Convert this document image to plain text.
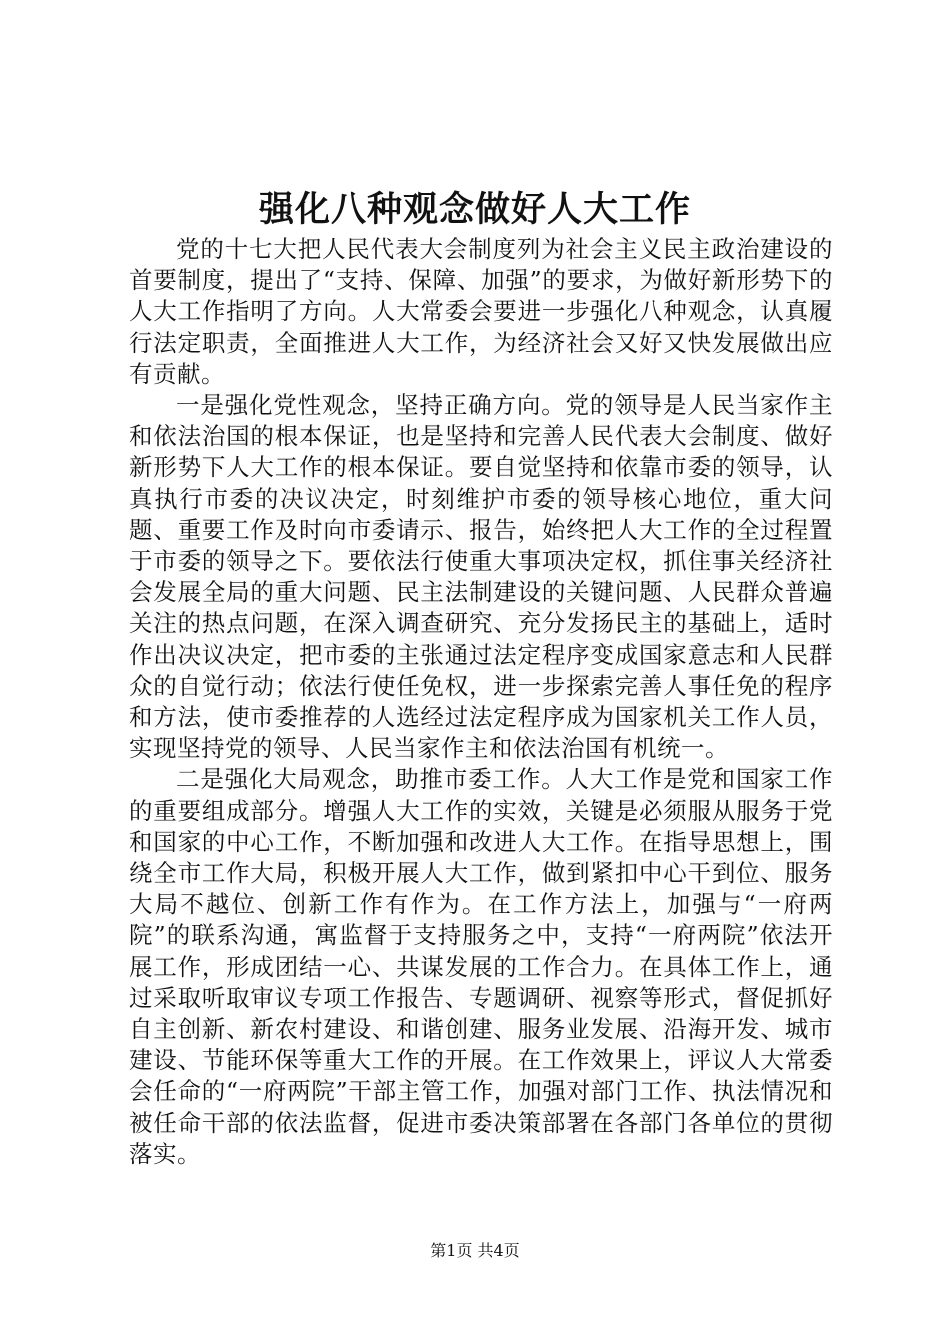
强化八种观念做好人大工作

党的十七大把人民代表大会制度列为社会主义民主政治建设的首要制度，提出了“支持、保障、加强”的要求，为做好新形势下的人大工作指明了方向。人大常委会要进一步强化八种观念，认真履行法定职责，全面推进人大工作，为经济社会又好又快发展做出应有贡献。

一是强化党性观念，坚持正确方向。党的领导是人民当家作主和依法治国的根本保证，也是坚持和完善人民代表大会制度、做好新形势下人大工作的根本保证。要自觉坚持和依靠市委的领导，认真执行市委的决议决定，时刻维护市委的领导核心地位，重大问题、重要工作及时向市委请示、报告，始终把人大工作的全过程置于市委的领导之下。要依法行使重大事项决定权，抓住事关经济社会发展全局的重大问题、民主法制建设的关键问题、人民群众普遍关注的热点问题，在深入调查研究、充分发扬民主的基础上，适时作出决议决定，把市委的主张通过法定程序变成国家意志和人民群众的自觉行动；依法行使任免权，进一步探索完善人事任免的程序和方法，使市委推荐的人选经过法定程序成为国家机关工作人员，实现坚持党的领导、人民当家作主和依法治国有机统一。

二是强化大局观念，助推市委工作。人大工作是党和国家工作的重要组成部分。增强人大工作的实效，关键是必须服从服务于党和国家的中心工作，不断加强和改进人大工作。在指导思想上，围绕全市工作大局，积极开展人大工作，做到紧扣中心干到位、服务大局不越位、创新工作有作为。在工作方法上，加强与“一府两院”的联系沟通，寓监督于支持服务之中，支持“一府两院”依法开展工作，形成团结一心、共谋发展的工作合力。在具体工作上，通过采取听取审议专项工作报告、专题调研、视察等形式，督促抓好自主创新、新农村建设、和谐创建、服务业发展、沿海开发、城市建设、节能环保等重大工作的开展。在工作效果上，评议人大常委会任命的“一府两院”干部主管工作，加强对部门工作、执法情况和被任命干部的依法监督，促进市委决策部署在各部门各单位的贯彻落实。

第1页 共4页
